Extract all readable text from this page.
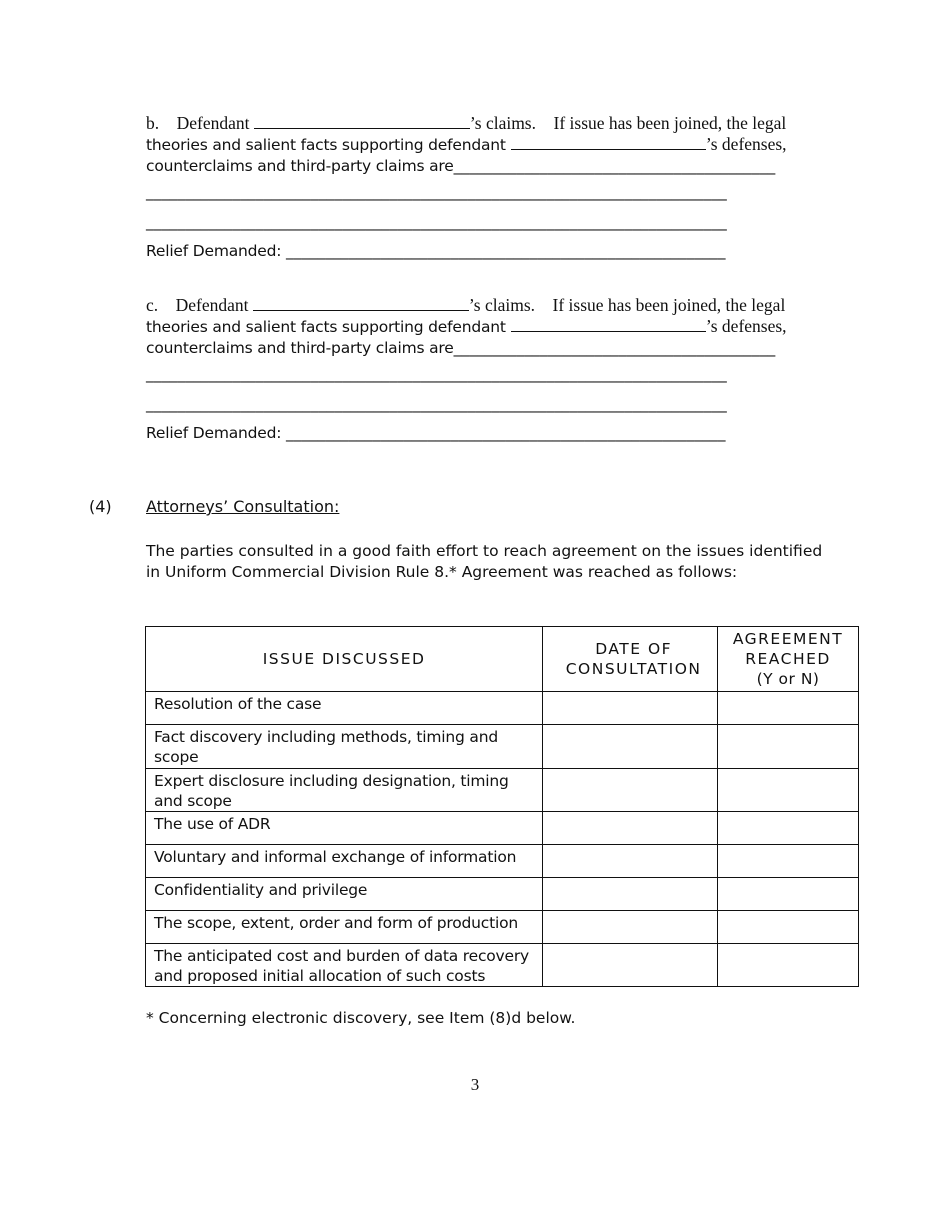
b. Defendant	’s claims. If issue has been joined, the legal
theories and salient facts supporting defendant	’s defenses,
counterclaims and third-party claims are_________________________________________
__________________________________________________________________________
__________________________________________________________________________
Relief Demanded: ________________________________________________________
c. Defendant	’s claims. If issue has been joined, the legal
theories and salient facts supporting defendant	’s defenses,
counterclaims and third-party claims are_________________________________________
__________________________________________________________________________
__________________________________________________________________________
Relief Demanded: ________________________________________________________
(4) Attorneys’ Consultation:
The parties consulted in a good faith effort to reach agreement on the issues identified in Uniform Commercial Division Rule 8.* Agreement was reached as follows:
ISSUE DISCUSSED	DATE OF CONSULTATION	AGREEMENT REACHED
(Y or N)

Resolution of the case		
Fact discovery including methods, timing and scope		
Expert disclosure including designation, timing and scope		
The use of ADR		
Voluntary and informal exchange of information		
Confidentiality and privilege		
The scope, extent, order and form of production		
The anticipated cost and burden of data recovery and proposed initial allocation of such costs		
* Concerning electronic discovery, see Item (8)d below.
3
